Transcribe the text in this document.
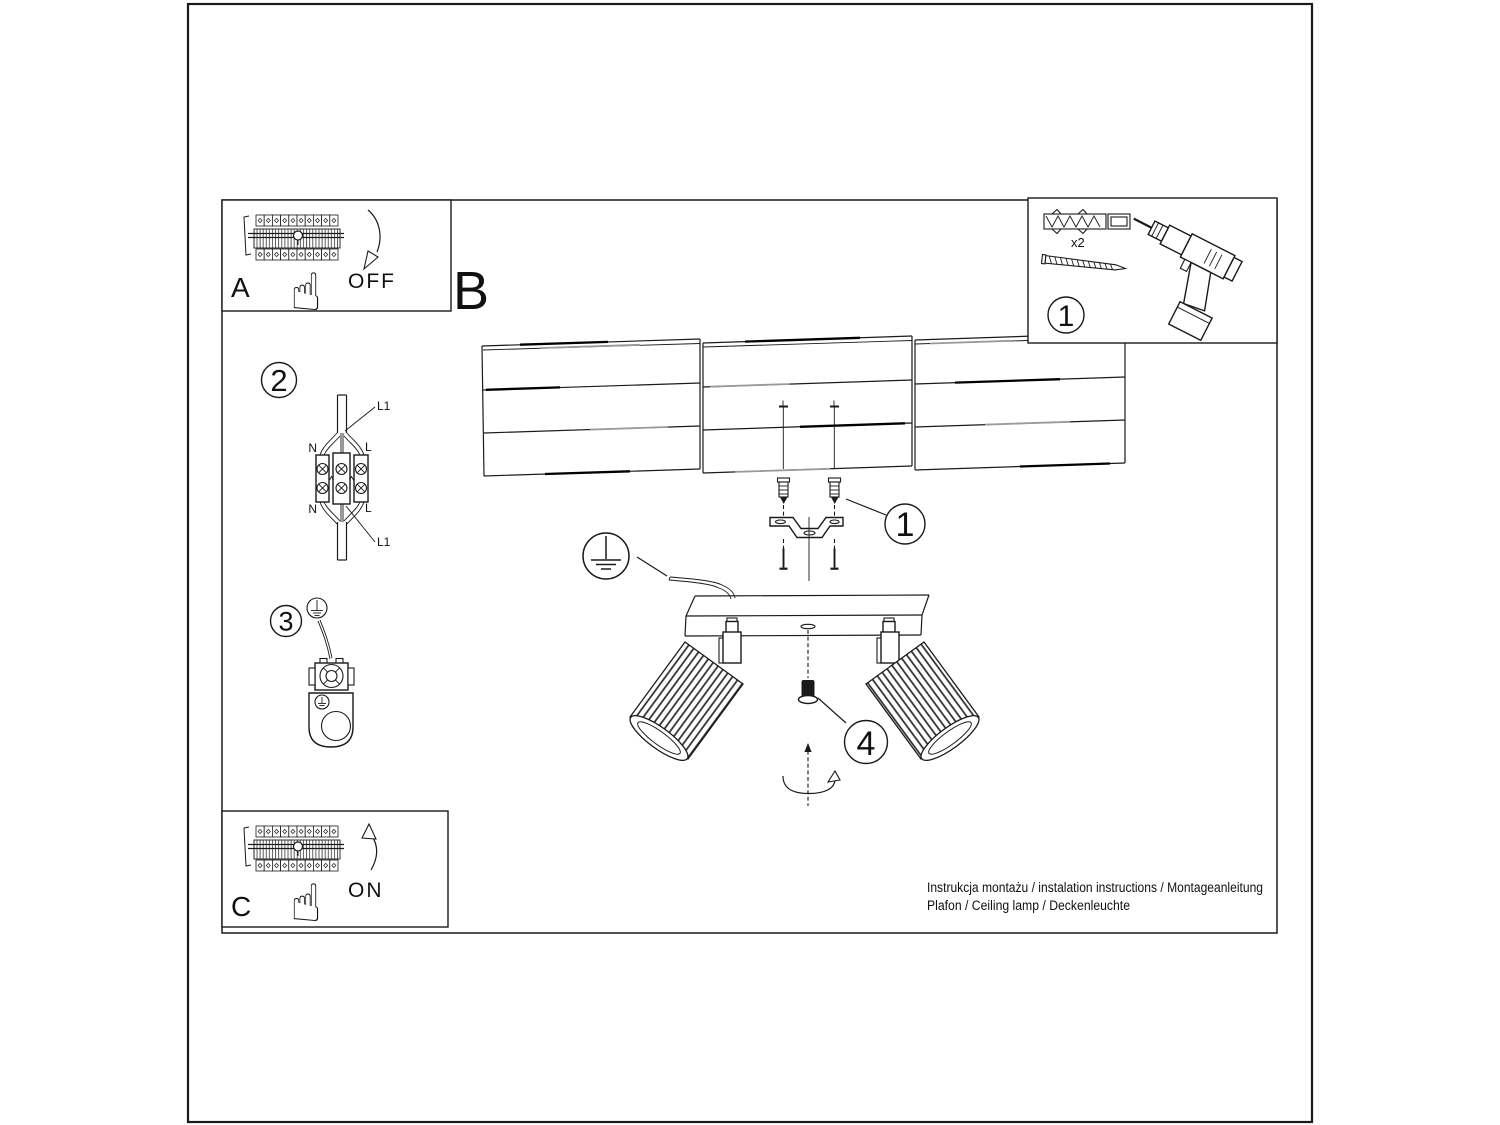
1
4
2
L1
N	L
N	L
L1
3
☝ OFF
A
☝ ON
C
x2
1
B
Instrukcja montażu / instalation instructions / Montageanleitung
Plafon / Ceiling lamp / Deckenleuchte
